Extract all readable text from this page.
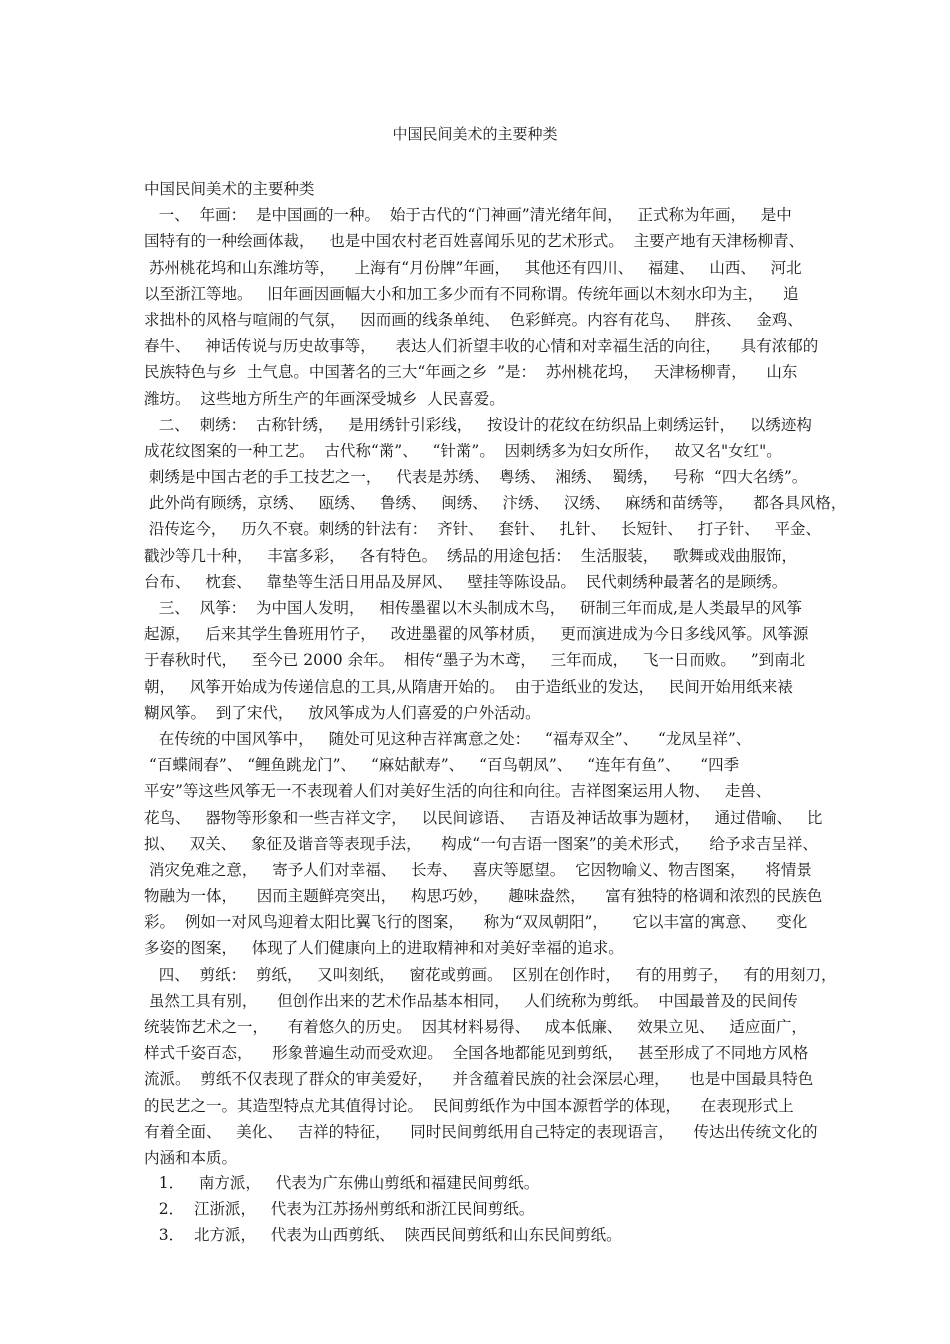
中国民间美术的主要种类
中国民间美术的主要种类
一、  年画：  是中国画的一种。  始于古代的“门神画”清光绪年间，   正式称为年画，   是中
国特有的一种绘画体裁，   也是中国农村老百姓喜闻乐见的艺术形式。  主要产地有天津杨柳青、
苏州桃花坞和山东潍坊等，    上海有“月份牌”年画，   其他还有四川、   福建、   山西、   河北
以至浙江等地。   旧年画因画幅大小和加工多少而有不同称谓。传统年画以木刻水印为主，    追
求拙朴的风格与喧闹的气氛，   因而画的线条单纯、  色彩鲜亮。内容有花鸟、   胖孩、   金鸡、
春牛、   神话传说与历史故事等，    表达人们祈望丰收的心情和对幸福生活的向往，    具有浓郁的
民族特色与乡  土气息。中国著名的三大“年画之乡  ”是：  苏州桃花坞，   天津杨柳青，    山东
潍坊。  这些地方所生产的年画深受城乡  人民喜爱。
二、  刺绣：  古称针绣，   是用绣针引彩线，   按设计的花纹在纺织品上刺绣运针，   以绣迹构
成花纹图案的一种工艺。  古代称“黹”、   “针黹”。  因刺绣多为妇女所作，   故又名"女红"。
刺绣是中国古老的手工技艺之一，   代表是苏绣、  粤绣、  湘绣、  蜀绣，   号称  “四大名绣”。
此外尚有顾绣，京绣、   瓯绣、   鲁绣、   闽绣、   汴绣、   汉绣、   麻绣和苗绣等，    都各具风格，
沿传迄今，   历久不衰。刺绣的针法有：  齐针、   套针、   扎针、   长短针、   打子针、   平金、
戳沙等几十种，   丰富多彩，   各有特色。  绣品的用途包括：  生活服装，   歌舞或戏曲服饰，
台布、   枕套、   靠垫等生活日用品及屏风、   壁挂等陈设品。  民代刺绣种最著名的是顾绣。
三、  风筝：  为中国人发明，   相传墨翟以木头制成木鸟，   研制三年而成,是人类最早的风筝
起源，   后来其学生鲁班用竹子，   改进墨翟的风筝材质，   更而演进成为今日多线风筝。风筝源
于春秋时代，   至今已 2000 余年。  相传“墨子为木鸢，   三年而成，   飞一日而败。   ”到南北
朝，   风筝开始成为传递信息的工具,从隋唐开始的。  由于造纸业的发达，   民间开始用纸来裱
糊风筝。  到了宋代，   放风筝成为人们喜爱的户外活动。
在传统的中国风筝中，   随处可见这种吉祥寓意之处：   “福寿双全”、    “龙凤呈祥”、
“百蝶闹春”、 “鲤鱼跳龙门”、   “麻姑献寿”、   “百鸟朝凤”、   “连年有鱼”、    “四季
平安”等这些风筝无一不表现着人们对美好生活的向往和向往。吉祥图案运用人物、   走兽、
花鸟、   器物等形象和一些吉祥文字，   以民间谚语、   吉语及神话故事为题材，   通过借喻、   比
拟、   双关、   象征及谐音等表现手法，    构成“一句吉语一图案”的美术形式，    给予求吉呈祥、
消灾免难之意，   寄予人们对幸福、   长寿、   喜庆等愿望。  它因物喻义、物吉图案，    将情景
物融为一体，    因而主题鲜亮突出，   构思巧妙，    趣味盎然，    富有独特的格调和浓烈的民族色
彩。  例如一对风鸟迎着太阳比翼飞行的图案，    称为“双凤朝阳”，     它以丰富的寓意、    变化
多姿的图案，   体现了人们健康向上的进取精神和对美好幸福的追求。
四、  剪纸：  剪纸，   又叫刻纸，   窗花或剪画。  区别在创作时，   有的用剪子，   有的用刻刀，
虽然工具有别，    但创作出来的艺术作品基本相同，   人们统称为剪纸。  中国最普及的民间传
统装饰艺术之一，    有着悠久的历史。  因其材料易得、   成本低廉、   效果立见、   适应面广，
样式千姿百态，    形象普遍生动而受欢迎。  全国各地都能见到剪纸，   甚至形成了不同地方风格
流派。  剪纸不仅表现了群众的审美爱好，    并含蕴着民族的社会深层心理，    也是中国最具特色
的民艺之一。其造型特点尤其值得讨论。  民间剪纸作为中国本源哲学的体现，    在表现形式上
有着全面、   美化、   吉祥的特征，    同时民间剪纸用自己特定的表现语言，    传达出传统文化的
内涵和本质。
1．   南方派，   代表为广东佛山剪纸和福建民间剪纸。
2．  江浙派，   代表为江苏扬州剪纸和浙江民间剪纸。
3．  北方派，   代表为山西剪纸、  陕西民间剪纸和山东民间剪纸。
